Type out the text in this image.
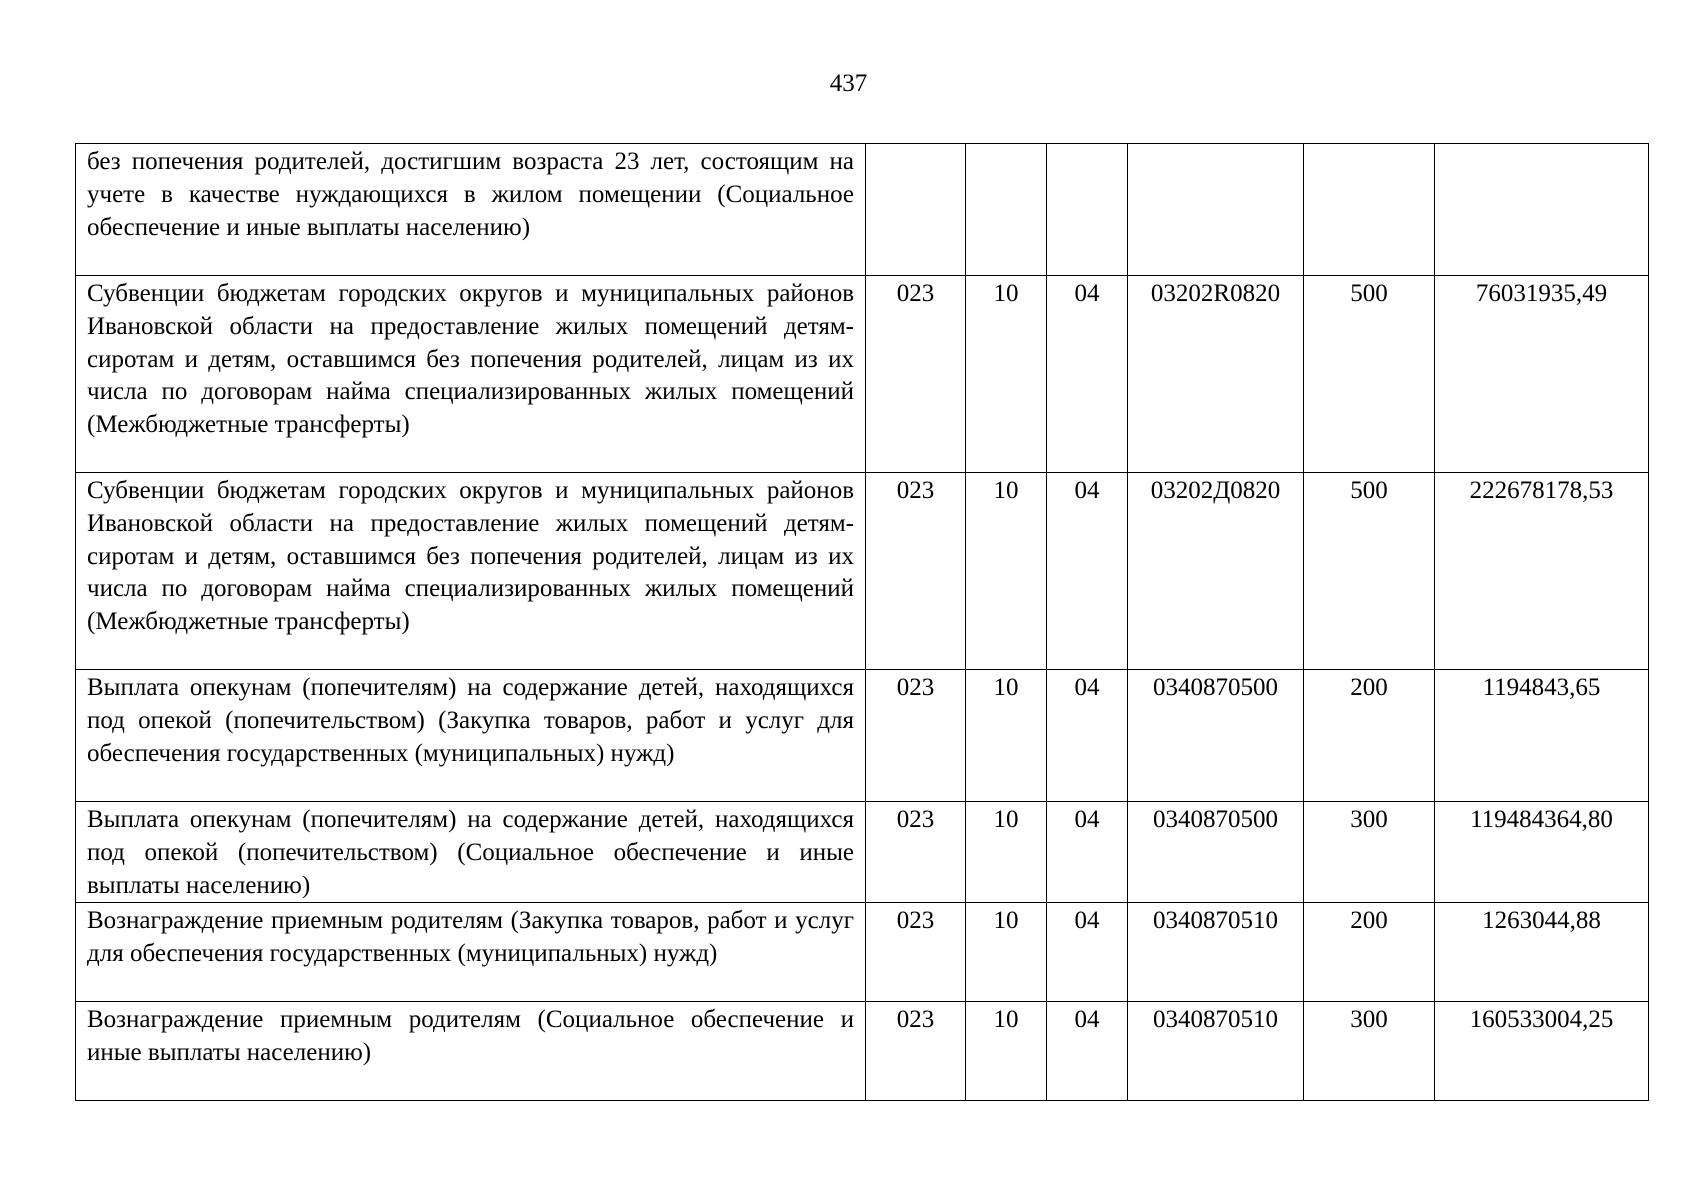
437
без попечения родителей, достигшим возраста 23 лет, состоящим на учете в качестве нуждающихся в жилом помещении (Социальное обеспечение и иные выплаты населению)						
Субвенции бюджетам городских округов и муниципальных районов Ивановской области на предоставление жилых помещений детям-сиротам и детям, оставшимся без попечения родителей, лицам из их числа по договорам найма специализированных жилых помещений (Межбюджетные трансферты)	023	10	04	03202R0820	500	76031935,49
Субвенции бюджетам городских округов и муниципальных районов Ивановской области на предоставление жилых помещений детям-сиротам и детям, оставшимся без попечения родителей, лицам из их числа по договорам найма специализированных жилых помещений (Межбюджетные трансферты)	023	10	04	03202Д0820	500	222678178,53
Выплата опекунам (попечителям) на содержание детей, находящихся под опекой (попечительством) (Закупка товаров, работ и услуг для обеспечения государственных (муниципальных) нужд)	023	10	04	0340870500	200	1194843,65
Выплата опекунам (попечителям) на содержание детей, находящихся под опекой (попечительством) (Социальное обеспечение и иные выплаты населению)	023	10	04	0340870500	300	119484364,80
Вознаграждение приемным родителям (Закупка товаров, работ и услуг для обеспечения государственных (муниципальных) нужд)	023	10	04	0340870510	200	1263044,88
Вознаграждение приемным родителям (Социальное обеспечение и иные выплаты населению)	023	10	04	0340870510	300	160533004,25
